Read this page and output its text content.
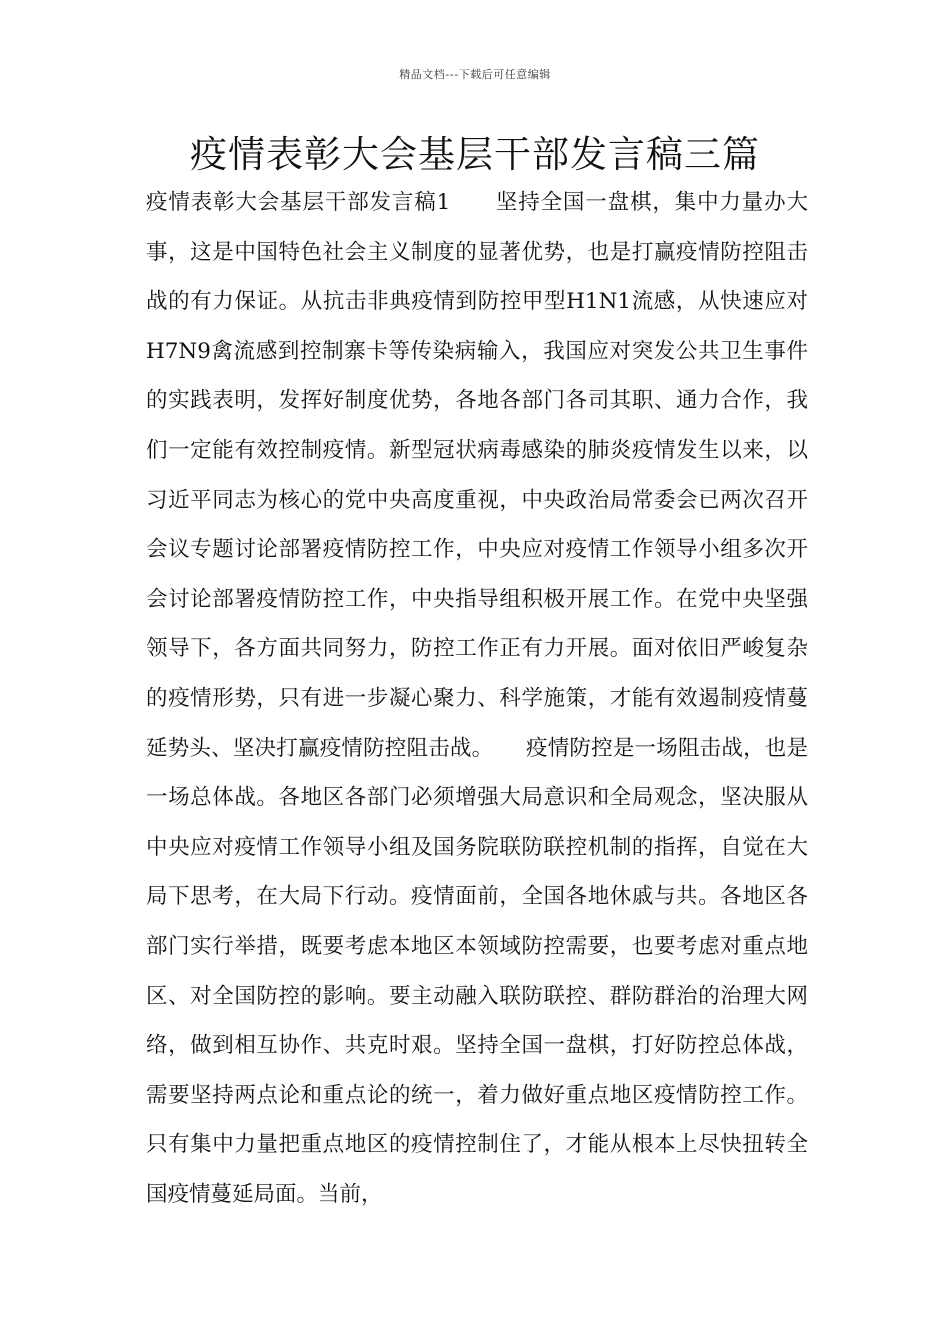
精品文档---下载后可任意编辑
疫情表彰大会基层干部发言稿三篇

疫情表彰大会基层干部发言稿1　　坚持全国一盘棋，集中力量办大事，这是中国特色社会主义制度的显著优势，也是打赢疫情防控阻击战的有力保证。从抗击非典疫情到防控甲型H1N1流感，从快速应对H7N9禽流感到控制寨卡等传染病输入，我国应对突发公共卫生事件的实践表明，发挥好制度优势，各地各部门各司其职、通力合作，我们一定能有效控制疫情。新型冠状病毒感染的肺炎疫情发生以来，以习近平同志为核心的党中央高度重视，中央政治局常委会已两次召开会议专题讨论部署疫情防控工作，中央应对疫情工作领导小组多次开会讨论部署疫情防控工作，中央指导组积极开展工作。在党中央坚强领导下，各方面共同努力，防控工作正有力开展。面对依旧严峻复杂的疫情形势，只有进一步凝心聚力、科学施策，才能有效遏制疫情蔓延势头、坚决打赢疫情防控阻击战。　　疫情防控是一场阻击战，也是一场总体战。各地区各部门必须增强大局意识和全局观念，坚决服从中央应对疫情工作领导小组及国务院联防联控机制的指挥，自觉在大局下思考，在大局下行动。疫情面前，全国各地休戚与共。各地区各部门实行举措，既要考虑本地区本领域防控需要，也要考虑对重点地区、对全国防控的影响。要主动融入联防联控、群防群治的治理大网络，做到相互协作、共克时艰。坚持全国一盘棋，打好防控总体战，需要坚持两点论和重点论的统一，着力做好重点地区疫情防控工作。只有集中力量把重点地区的疫情控制住了，才能从根本上尽快扭转全国疫情蔓延局面。当前，
